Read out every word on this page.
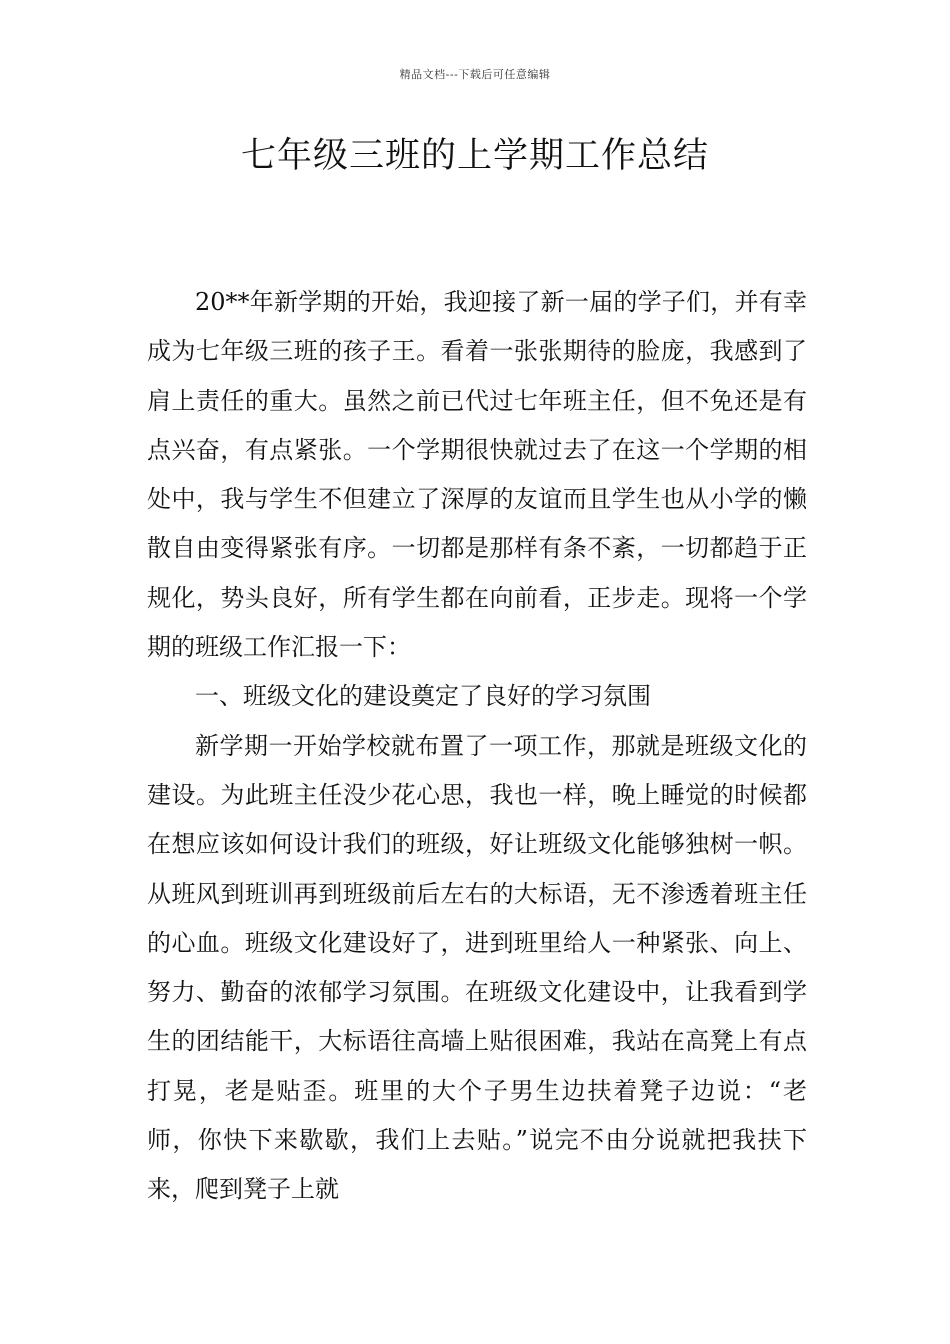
精品文档---下载后可任意编辑
七年级三班的上学期工作总结

20**年新学期的开始，我迎接了新一届的学子们，并有幸成为七年级三班的孩子王。看着一张张期待的脸庞，我感到了肩上责任的重大。虽然之前已代过七年班主任，但不免还是有点兴奋，有点紧张。一个学期很快就过去了在这一个学期的相处中，我与学生不但建立了深厚的友谊而且学生也从小学的懒散自由变得紧张有序。一切都是那样有条不紊，一切都趋于正规化，势头良好，所有学生都在向前看，正步走。现将一个学期的班级工作汇报一下：

一、班级文化的建设奠定了良好的学习氛围

新学期一开始学校就布置了一项工作，那就是班级文化的建设。为此班主任没少花心思，我也一样，晚上睡觉的时候都在想应该如何设计我们的班级，好让班级文化能够独树一帜。从班风到班训再到班级前后左右的大标语，无不渗透着班主任的心血。班级文化建设好了，进到班里给人一种紧张、向上、努力、勤奋的浓郁学习氛围。在班级文化建设中，让我看到学生的团结能干，大标语往高墙上贴很困难，我站在高凳上有点打晃，老是贴歪。班里的大个子男生边扶着凳子边说：“老师，你快下来歇歇，我们上去贴。”说完不由分说就把我扶下来，爬到凳子上就
